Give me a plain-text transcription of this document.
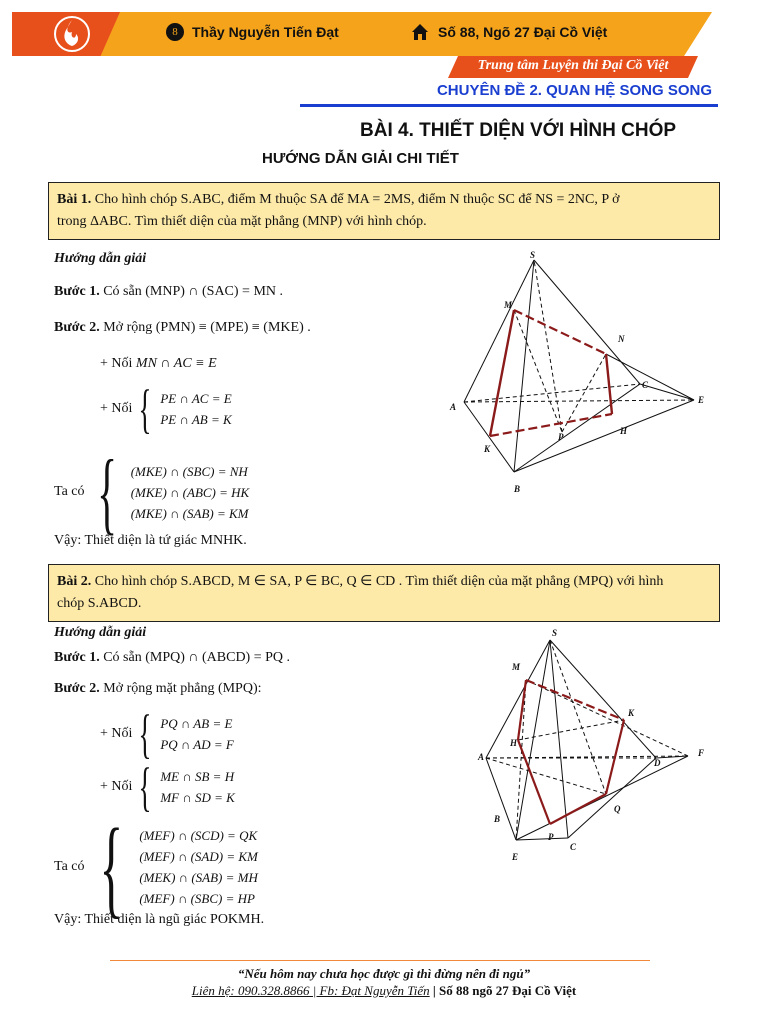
8	Thầy Nguyễn Tiến Đạt	Số 88, Ngõ 27 Đại Cồ Việt
Trung tâm Luyện thi Đại Cồ Việt
CHUYÊN ĐỀ 2. QUAN HỆ SONG SONG
BÀI 4. THIẾT DIỆN VỚI HÌNH CHÓP
HƯỚNG DẪN GIẢI CHI TIẾT
Bài 1. Cho hình chóp S.ABC, điểm M thuộc SA để MA = 2MS, điểm N thuộc SC để NS = 2NC, P ở
trong ΔABC. Tìm thiết diện của mặt phẳng (MNP) với hình chóp.
Hướng dẫn giải
Bước 1. Có sẵn (MNP) ∩ (SAC) = MN .
Bước 2. Mở rộng (PMN) ≡ (MPE) ≡ (MKE) .
+ Nối MN ∩ AC ≡ E
+ Nối { PE ∩ AC = E
PE ∩ AB = K
Ta có { (MKE) ∩ (SBC) = NH
(MKE) ∩ (ABC) = HK
(MKE) ∩ (SAB) = KM
Vậy: Thiết diện là tứ giác MNHK.
S
M
N
C
A
E
P
H
K
B
Bài 2. Cho hình chóp S.ABCD, M ∈ SA, P ∈ BC, Q ∈ CD . Tìm thiết diện của mặt phẳng (MPQ) với hình
chóp S.ABCD.
Hướng dẫn giải
Bước 1. Có sẵn (MPQ) ∩ (ABCD) = PQ .
Bước 2. Mở rộng mặt phẳng (MPQ):
+ Nối { PQ ∩ AB = E
PQ ∩ AD = F
+ Nối { ME ∩ SB = H
MF ∩ SD = K
Ta có { (MEF) ∩ (SCD) = QK
(MEF) ∩ (SAD) = KM
(MEK) ∩ (SAB) = MH
(MEF) ∩ (SBC) = HP
Vậy: Thiết diện là ngũ giác POKMH.
S
M
K
H
A
D
F
Q
B
P
C
E
“Nếu hôm nay chưa học được gì thì đừng nên đi ngủ”
Liên hệ: 090.328.8866 | Fb: Đạt Nguyễn Tiến | Số 88 ngõ 27 Đại Cồ Việt
